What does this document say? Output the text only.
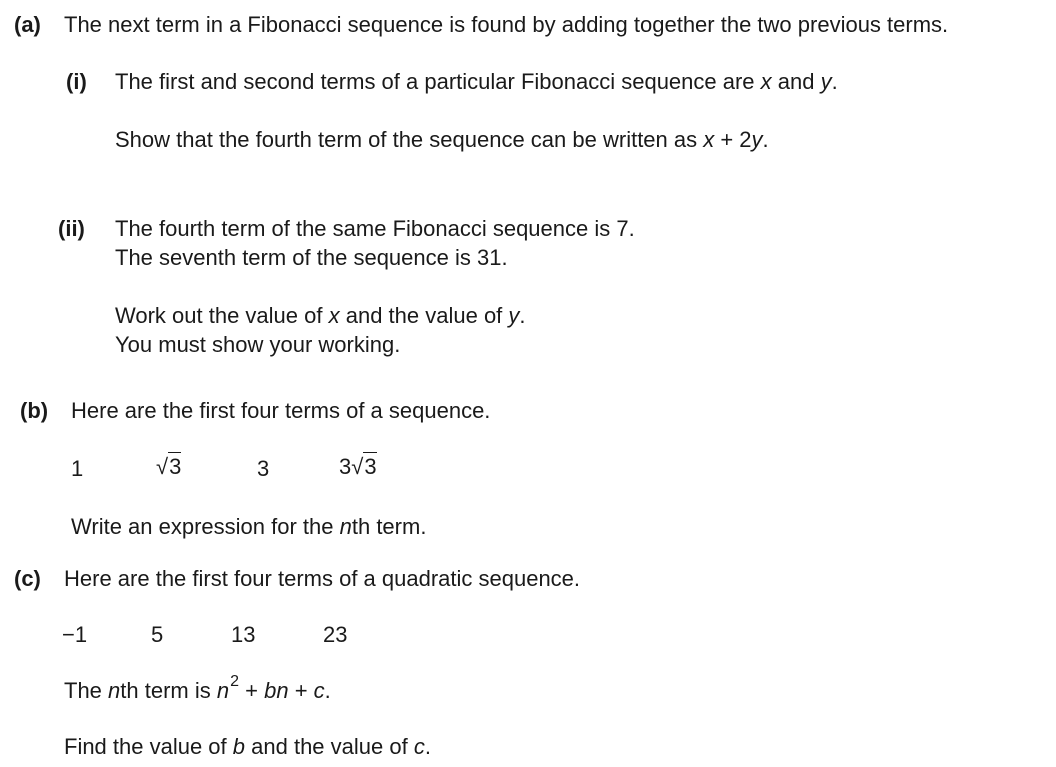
(a) The next term in a Fibonacci sequence is found by adding together the two previous terms.
(i) The first and second terms of a particular Fibonacci sequence are x and y.
Show that the fourth term of the sequence can be written as x + 2y.
(ii) The fourth term of the same Fibonacci sequence is 7.
The seventh term of the sequence is 31.
Work out the value of x and the value of y.
You must show your working.
(b) Here are the first four terms of a sequence.
1	√3	3	3√3
Write an expression for the nth term.
(c) Here are the first four terms of a quadratic sequence.
−1	5	13	23
The nth term is $n^2$ + bn + c.
Find the value of b and the value of c.
